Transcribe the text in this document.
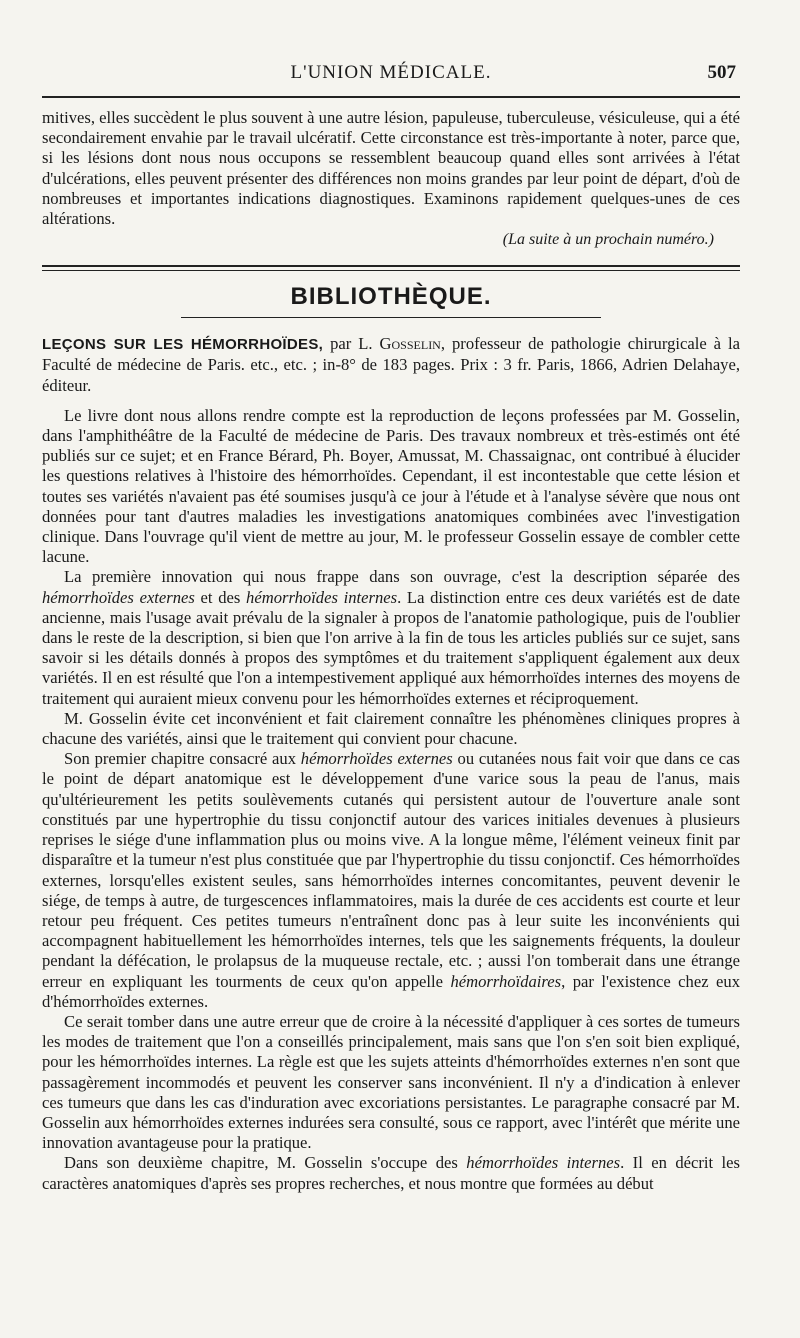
L'UNION MÉDICALE.	507

mitives, elles succèdent le plus souvent à une autre lésion, papuleuse, tuberculeuse, vésiculeuse, qui a été secondairement envahie par le travail ulcératif. Cette circonstance est très-importante à noter, parce que, si les lésions dont nous nous occupons se ressemblent beaucoup quand elles sont arrivées à l'état d'ulcérations, elles peuvent présenter des différences non moins grandes par leur point de départ, d'où de nombreuses et importantes indications diagnostiques. Examinons rapidement quelques-unes de ces altérations.

(La suite à un prochain numéro.)

BIBLIOTHÈQUE.

LEÇONS SUR LES HÉMORRHOÏDES, par L. Gosselin, professeur de pathologie chirurgicale à la Faculté de médecine de Paris. etc., etc. ; in-8° de 183 pages. Prix : 3 fr. Paris, 1866, Adrien Delahaye, éditeur.

Le livre dont nous allons rendre compte est la reproduction de leçons professées par M. Gosselin, dans l'amphithéâtre de la Faculté de médecine de Paris. Des travaux nombreux et très-estimés ont été publiés sur ce sujet; et en France Bérard, Ph. Boyer, Amussat, M. Chassaignac, ont contribué à élucider les questions relatives à l'histoire des hémorrhoïdes. Cependant, il est incontestable que cette lésion et toutes ses variétés n'avaient pas été soumises jusqu'à ce jour à l'étude et à l'analyse sévère que nous ont données pour tant d'autres maladies les investigations anatomiques combinées avec l'investigation clinique. Dans l'ouvrage qu'il vient de mettre au jour, M. le professeur Gosselin essaye de combler cette lacune.

La première innovation qui nous frappe dans son ouvrage, c'est la description séparée des hémorrhoïdes externes et des hémorrhoïdes internes. La distinction entre ces deux variétés est de date ancienne, mais l'usage avait prévalu de la signaler à propos de l'anatomie pathologique, puis de l'oublier dans le reste de la description, si bien que l'on arrive à la fin de tous les articles publiés sur ce sujet, sans savoir si les détails donnés à propos des symptômes et du traitement s'appliquent également aux deux variétés. Il en est résulté que l'on a intempestivement appliqué aux hémorrhoïdes internes des moyens de traitement qui auraient mieux convenu pour les hémorrhoïdes externes et réciproquement.

M. Gosselin évite cet inconvénient et fait clairement connaître les phénomènes cliniques propres à chacune des variétés, ainsi que le traitement qui convient pour chacune.

Son premier chapitre consacré aux hémorrhoïdes externes ou cutanées nous fait voir que dans ce cas le point de départ anatomique est le développement d'une varice sous la peau de l'anus, mais qu'ultérieurement les petits soulèvements cutanés qui persistent autour de l'ouverture anale sont constitués par une hypertrophie du tissu conjonctif autour des varices initiales devenues à plusieurs reprises le siége d'une inflammation plus ou moins vive. A la longue même, l'élément veineux finit par disparaître et la tumeur n'est plus constituée que par l'hypertrophie du tissu conjonctif. Ces hémorrhoïdes externes, lorsqu'elles existent seules, sans hémorrhoïdes internes concomitantes, peuvent devenir le siége, de temps à autre, de turgescences inflammatoires, mais la durée de ces accidents est courte et leur retour peu fréquent. Ces petites tumeurs n'entraînent donc pas à leur suite les inconvénients qui accompagnent habituellement les hémorrhoïdes internes, tels que les saignements fréquents, la douleur pendant la défécation, le prolapsus de la muqueuse rectale, etc. ; aussi l'on tomberait dans une étrange erreur en expliquant les tourments de ceux qu'on appelle hémorrhoïdaires, par l'existence chez eux d'hémorrhoïdes externes.

Ce serait tomber dans une autre erreur que de croire à la nécessité d'appliquer à ces sortes de tumeurs les modes de traitement que l'on a conseillés principalement, mais sans que l'on s'en soit bien expliqué, pour les hémorrhoïdes internes. La règle est que les sujets atteints d'hémorrhoïdes externes n'en sont que passagèrement incommodés et peuvent les conserver sans inconvénient. Il n'y a d'indication à enlever ces tumeurs que dans les cas d'induration avec excoriations persistantes. Le paragraphe consacré par M. Gosselin aux hémorrhoïdes externes indurées sera consulté, sous ce rapport, avec l'intérêt que mérite une innovation avantageuse pour la pratique.

Dans son deuxième chapitre, M. Gosselin s'occupe des hémorrhoïdes internes. Il en décrit les caractères anatomiques d'après ses propres recherches, et nous montre que formées au début
